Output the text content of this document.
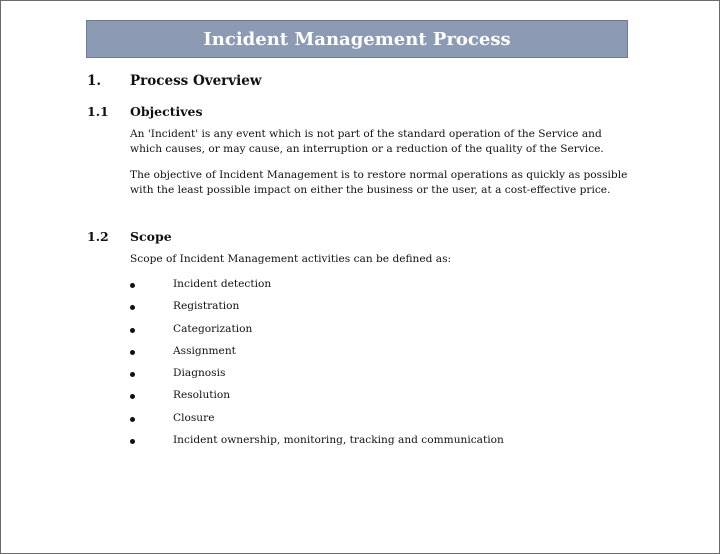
Incident Management Process
1.	Process Overview
1.1 Objectives
An 'Incident' is any event which is not part of the standard operation of the Service and which causes, or may cause, an interruption or a reduction of the quality of the Service.
The objective of Incident Management is to restore normal operations as quickly as possible with the least possible impact on either the business or the user, at a cost-effective price.
1.2 Scope
Scope of Incident Management activities can be defined as:
Incident detection
Registration
Categorization
Assignment
Diagnosis
Resolution
Closure
Incident ownership, monitoring, tracking and communication
